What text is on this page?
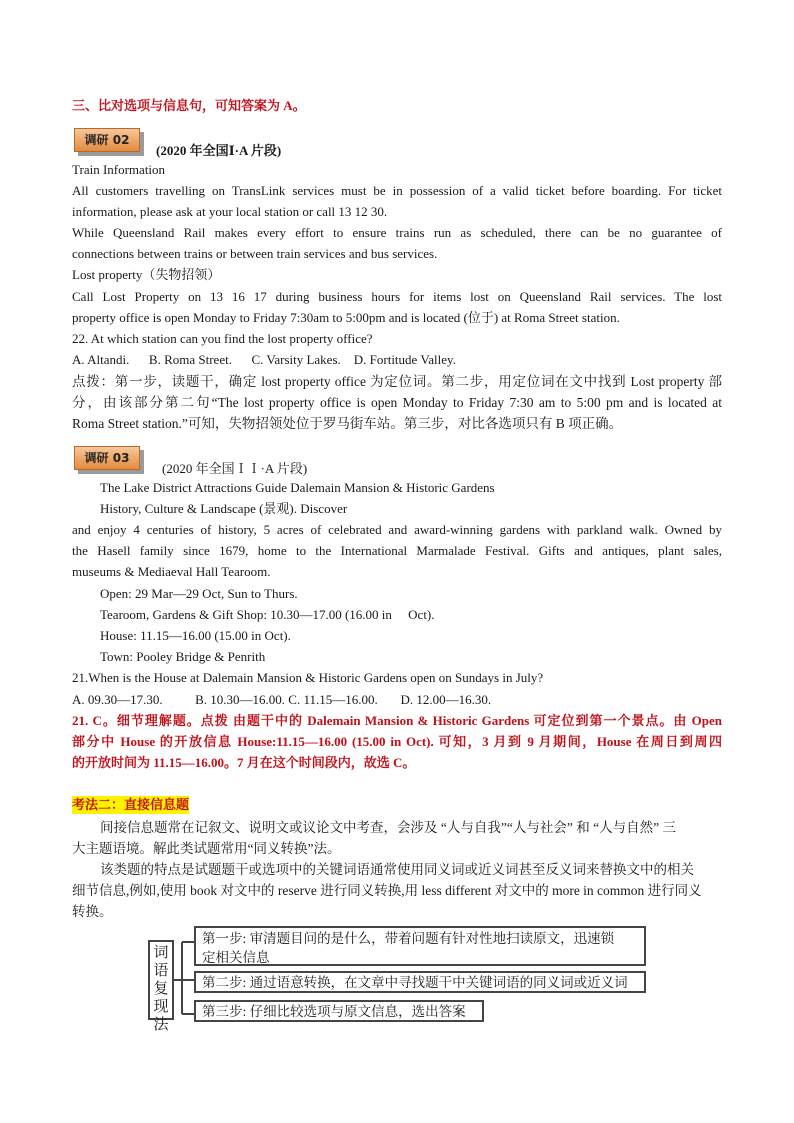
三、比对选项与信息句，可知答案为 A。
调研 02
(2020 年全国Ⅰ·A 片段)
Train Information
All customers travelling on TransLink services must be in possession of a valid ticket before boarding. For ticket
information, please ask at your local station or call 13 12 30.
While Queensland Rail makes every effort to ensure trains run as scheduled, there can be no guarantee of
connections between trains or between train services and bus services.
Lost property（失物招领）
Call Lost Property on 13 16 17 during business hours for items lost on Queensland Rail services. The lost
property office is open Monday to Friday 7:30am to 5:00pm and is located (位于) at Roma Street station.
22. At which station can you find the lost property office?
A. Altandi.      B. Roma Street.      C. Varsity Lakes.    D. Fortitude Valley.
点拨：第一步，读题干，确定 lost property office 为定位词。第二步，用定位词在文中找到 Lost property 部
分，由该部分第二句“The lost property office is open Monday to Friday 7:30 am to 5:00 pm and is located at
Roma Street station.”可知，失物招领处位于罗马街车站。第三步，对比各选项只有 B 项正确。
调研 03
(2020 年全国ＩＩ·A 片段)
The Lake District Attractions Guide Dalemain Mansion & Historic Gardens
History, Culture & Landscape (景观). Discover
and enjoy 4 centuries of history, 5 acres of celebrated and award-winning gardens with parkland walk. Owned by
the Hasell family since 1679, home to the International Marmalade Festival. Gifts and antiques, plant sales,
museums & Mediaeval Hall Tearoom.
Open: 29 Mar—29 Oct, Sun to Thurs.
Tearoom, Gardens & Gift Shop: 10.30—17.00 (16.00 in     Oct).
House: 11.15—16.00 (15.00 in Oct).
Town: Pooley Bridge & Penrith
21.When is the House at Dalemain Mansion & Historic Gardens open on Sundays in July?
A. 09.30—17.30.          B. 10.30—16.00. C. 11.15—16.00.       D. 12.00—16.30.
21. C。细节理解题。点拨 由题干中的 Dalemain Mansion & Historic Gardens 可定位到第一个景点。由 Open
部分中 House 的开放信息 House:11.15—16.00 (15.00 in Oct). 可知，3 月到 9 月期间，House 在周日到周四
的开放时间为 11.15—16.00。7 月在这个时间段内，故选 C。
考法二：直接信息题
间接信息题常在记叙文、说明文或议论文中考查，会涉及 “人与自我”“人与社会” 和 “人与自然” 三
大主题语境。解此类试题常用“同义转换”法。
该类题的特点是试题题干或选项中的关键词语通常使用同义词或近义词甚至反义词来替换文中的相关
细节信息,例如,使用 book 对文中的 reserve 进行同义转换,用 less different 对文中的 more in common 进行同义
转换。
词语复现法
第一步: 审清题目问的是什么，带着问题有针对性地扫读原文，迅速锁
定相关信息
第二步: 通过语意转换，在文章中寻找题干中关键词语的同义词或近义词
第三步: 仔细比较选项与原文信息，选出答案
